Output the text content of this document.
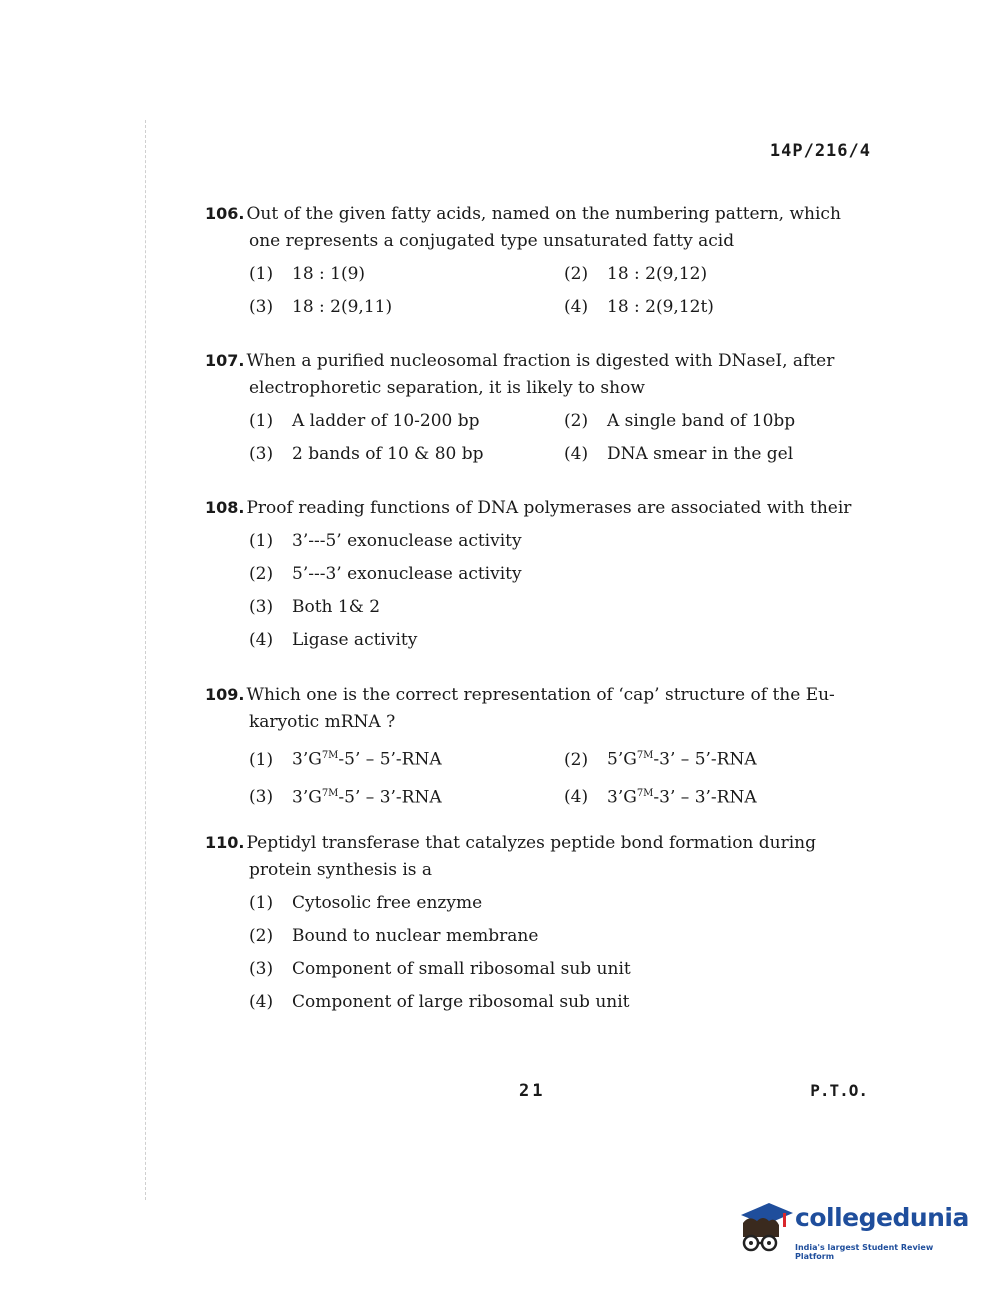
14P/216/4
106. Out of the given fatty acids, named on the numbering pattern, which
one represents a conjugated type unsaturated fatty acid
(1) 18 : 1(9)	(2) 18 : 2(9,12)
(3) 18 : 2(9,11)	(4) 18 : 2(9,12t)
107. When a purified nucleosomal fraction is digested with DNaseI, after
electrophoretic separation, it is likely to show
(1) A ladder of 10-200 bp	(2) A single band of 10bp
(3) 2 bands of 10 & 80 bp	(4) DNA smear in the gel
108. Proof reading functions of DNA polymerases are associated with their
(1) 3’---5’ exonuclease activity
(2) 5’---3’ exonuclease activity
(3) Both 1& 2
(4) Ligase activity
109. Which one is the correct representation of ‘cap’ structure of the Eu-
karyotic mRNA ?
(1) $3’G^{7M}-5$’ – 5’-RNA	(2) $5’G^{7M}-3$’ – 5’-RNA
(3) $3’G^{7M}-5$’ – 3’-RNA	(4) $3’G^{7M}-3$’ – 3’-RNA
110. Peptidyl transferase that catalyzes peptide bond formation during
protein synthesis is a
(1) Cytosolic free enzyme
(2) Bound to nuclear membrane
(3) Component of small ribosomal sub unit
(4) Component of large ribosomal sub unit
21	P.T.O.
collegedunia
India's largest Student Review Platform
